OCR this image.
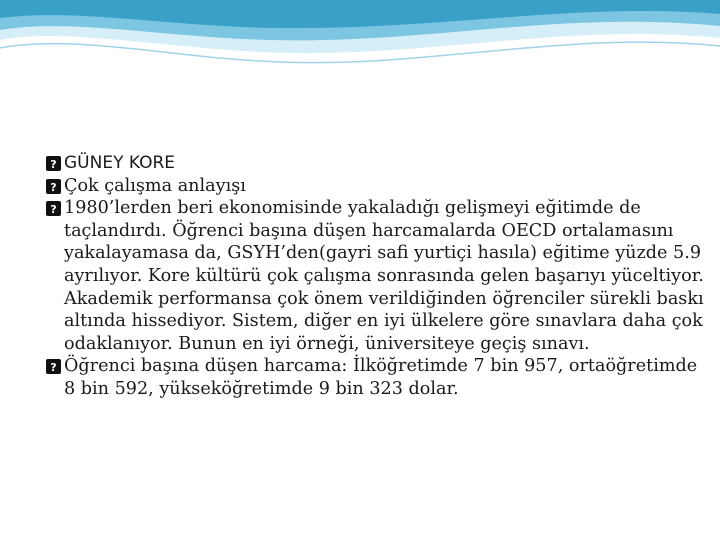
?
GÜNEY KORE

?
Çok çalışma anlayışı

?
1980’lerden beri ekonomisinde yakaladığı gelişmeyi eğitimde de taçlandırdı. Öğrenci başına düşen harcamalarda OECD ortalamasını yakalayamasa da, GSYH’den(gayri safi yurtiçi hasıla) eğitime yüzde 5.9 ayrılıyor. Kore kültürü çok çalışma sonrasında gelen başarıyı yüceltiyor. Akademik performansa çok önem verildiğinden öğrenciler sürekli baskı altında hissediyor. Sistem, diğer en iyi ülkelere göre sınavlara daha çok odaklanıyor. Bunun en iyi örneği, üniversiteye geçiş sınavı.

?
Öğrenci başına düşen harcama: İlköğretimde 7 bin 957, ortaöğretimde 8 bin 592, yükseköğretimde 9 bin 323 dolar.
